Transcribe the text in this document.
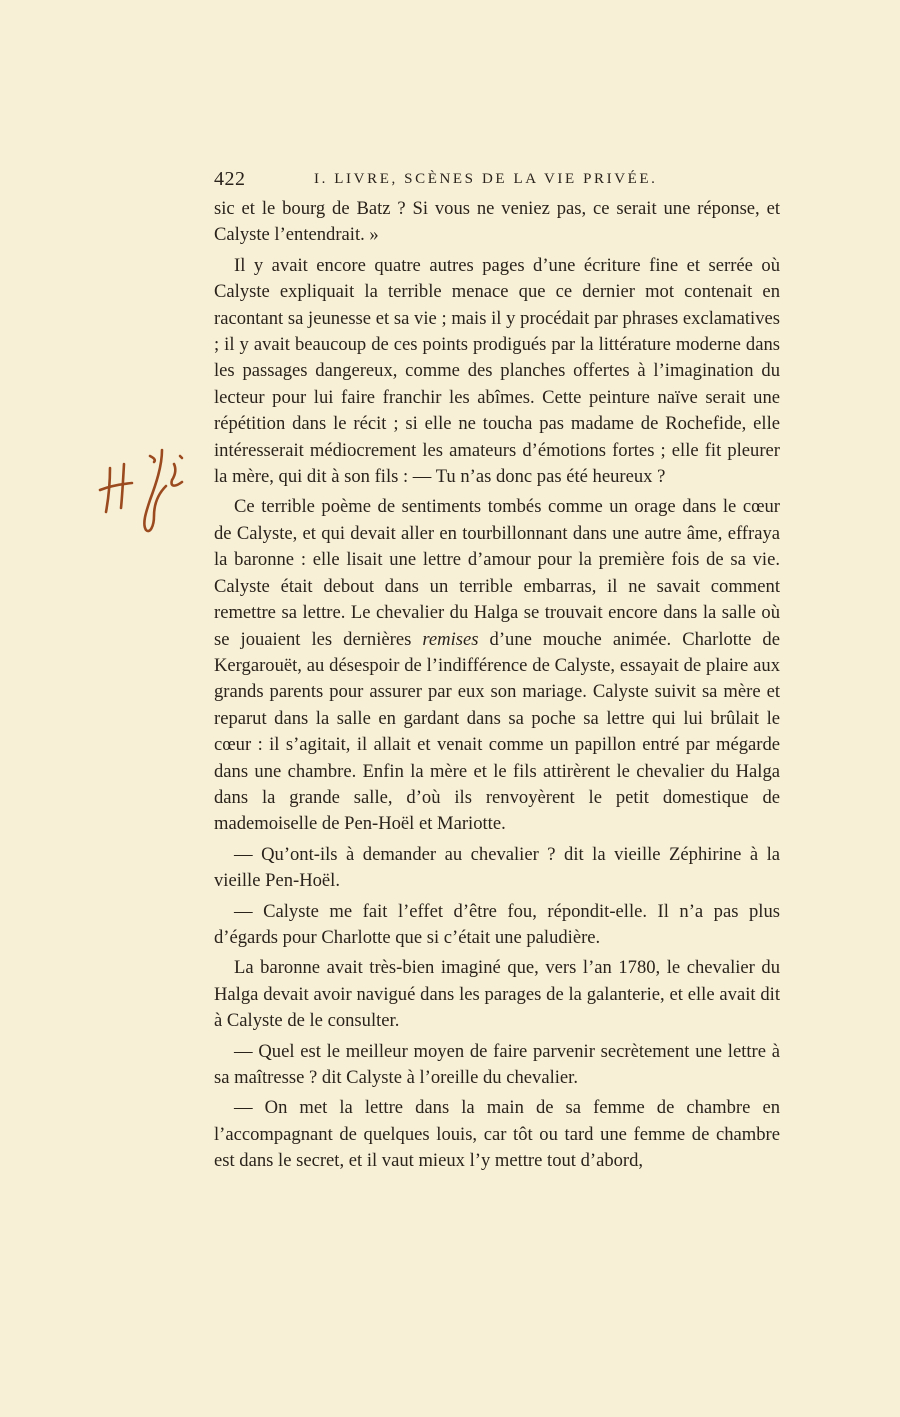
422	I. LIVRE, SCÈNES DE LA VIE PRIVÉE.

sic et le bourg de Batz ? Si vous ne veniez pas, ce serait une réponse, et Calyste l’entendrait. »

Il y avait encore quatre autres pages d’une écriture fine et serrée où Calyste expliquait la terrible menace que ce dernier mot contenait en racontant sa jeunesse et sa vie ; mais il y procédait par phrases exclamatives ; il y avait beaucoup de ces points prodigués par la littérature moderne dans les passages dangereux, comme des planches offertes à l’imagination du lecteur pour lui faire franchir les abîmes. Cette peinture naïve serait une répétition dans le récit ; si elle ne toucha pas madame de Rochefide, elle intéresserait médiocrement les amateurs d’émotions fortes ; elle fit pleurer la mère, qui dit à son fils : — Tu n’as donc pas été heureux ?

Ce terrible poème de sentiments tombés comme un orage dans le cœur de Calyste, et qui devait aller en tourbillonnant dans une autre âme, effraya la baronne : elle lisait une lettre d’amour pour la première fois de sa vie. Calyste était debout dans un terrible embarras, il ne savait comment remettre sa lettre. Le chevalier du Halga se trouvait encore dans la salle où se jouaient les dernières remises d’une mouche animée. Charlotte de Kergarouët, au désespoir de l’indifférence de Calyste, essayait de plaire aux grands parents pour assurer par eux son mariage. Calyste suivit sa mère et reparut dans la salle en gardant dans sa poche sa lettre qui lui brûlait le cœur : il s’agitait, il allait et venait comme un papillon entré par mégarde dans une chambre. Enfin la mère et le fils attirèrent le chevalier du Halga dans la grande salle, d’où ils renvoyèrent le petit domestique de mademoiselle de Pen-Hoël et Mariotte.

— Qu’ont-ils à demander au chevalier ? dit la vieille Zéphirine à la vieille Pen-Hoël.

— Calyste me fait l’effet d’être fou, répondit-elle. Il n’a pas plus d’égards pour Charlotte que si c’était une paludière.

La baronne avait très-bien imaginé que, vers l’an 1780, le chevalier du Halga devait avoir navigué dans les parages de la galanterie, et elle avait dit à Calyste de le consulter.

— Quel est le meilleur moyen de faire parvenir secrètement une lettre à sa maîtresse ? dit Calyste à l’oreille du chevalier.

— On met la lettre dans la main de sa femme de chambre en l’accompagnant de quelques louis, car tôt ou tard une femme de chambre est dans le secret, et il vaut mieux l’y mettre tout d’abord,
